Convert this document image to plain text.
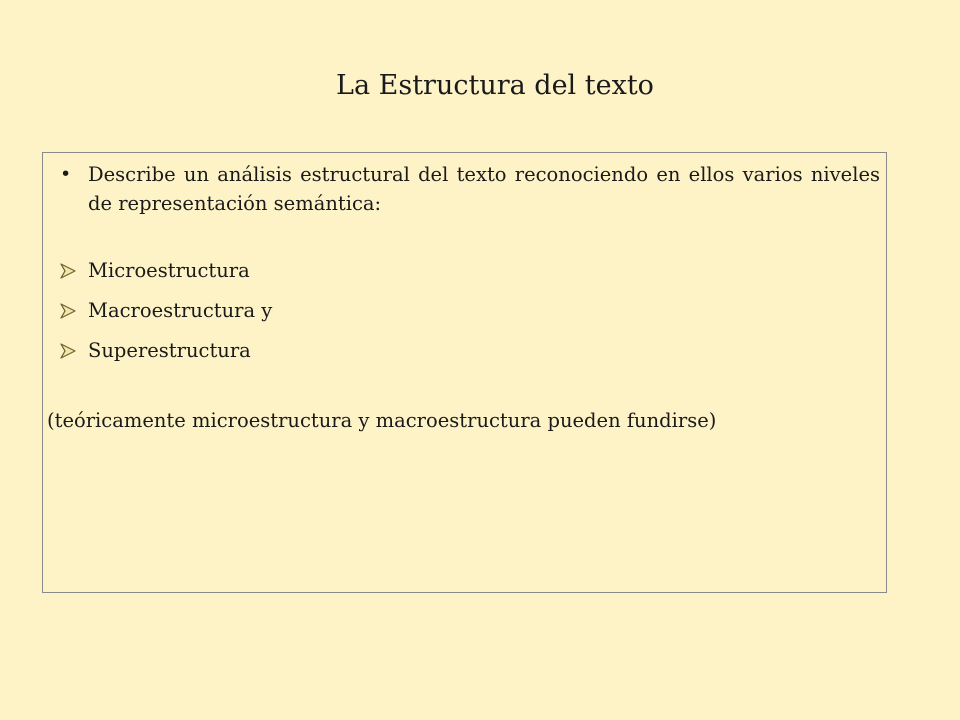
La Estructura del texto
• Describe un análisis estructural del texto reconociendo en ellos varios niveles de representación semántica:
Microestructura
Macroestructura y
Superestructura
(teóricamente microestructura y macroestructura pueden fundirse)
